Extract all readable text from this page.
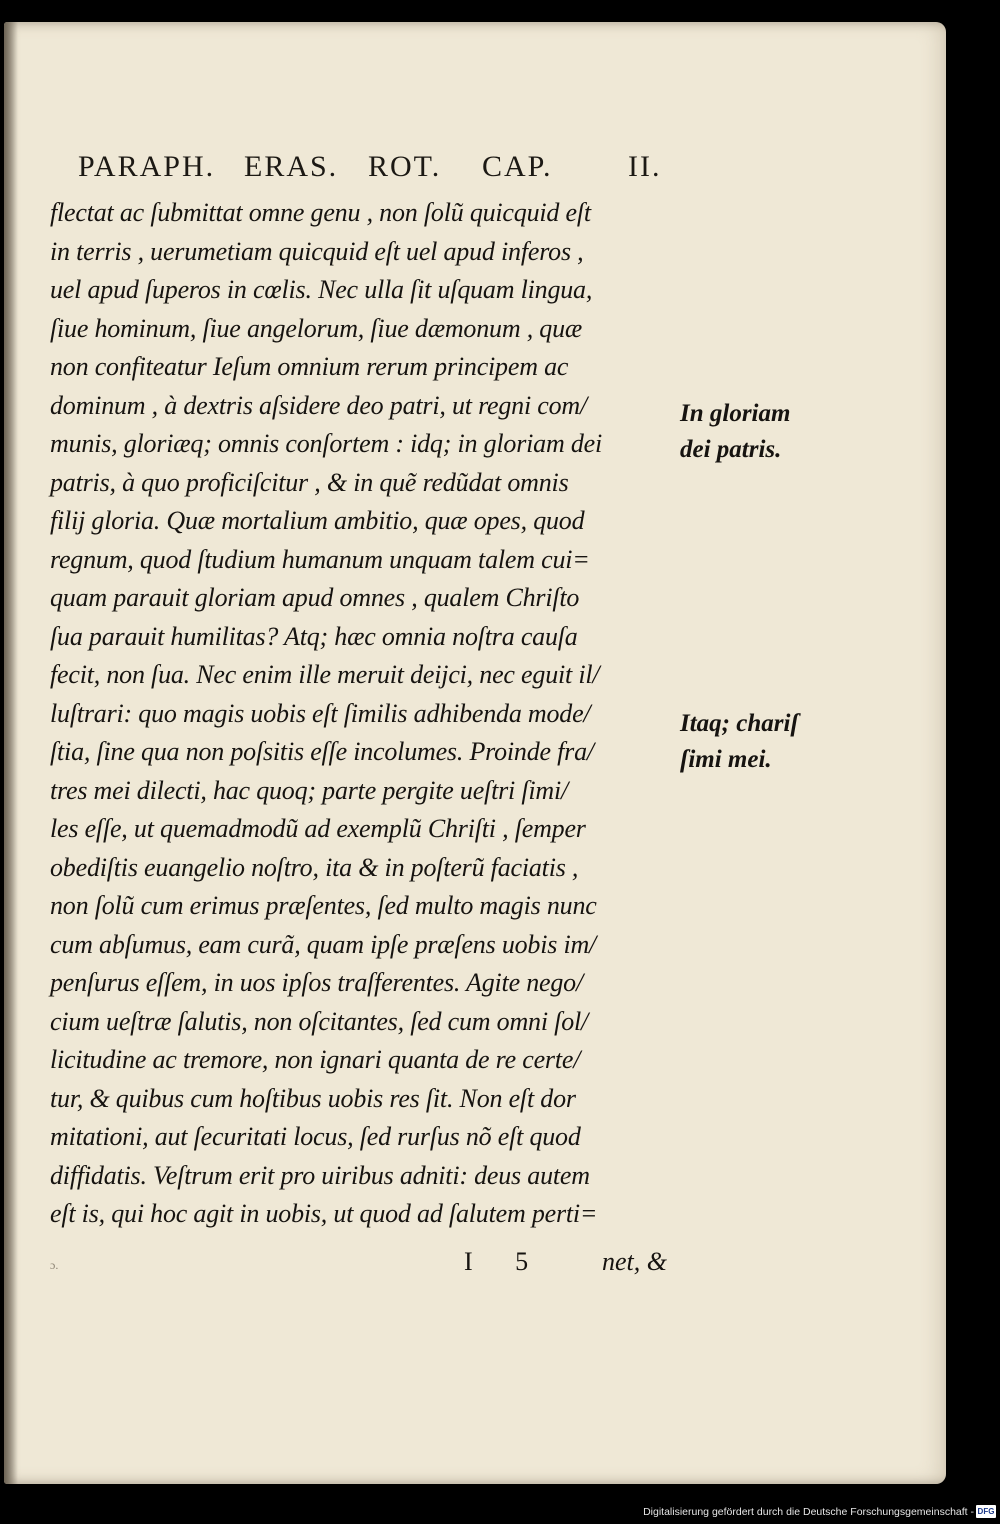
PARAPH. ERAS. ROT. CAP.	II.
flectat ac ſubmittat omne genu , non ſolũ quicquid eſt
in terris , uerumetiam quicquid eſt uel apud inferos ,
uel apud ſuperos in cœlis. Nec ulla ſit uſquam lingua,
ſiue hominum, ſiue angelorum, ſiue dæmonum , quæ
non confiteatur Ieſum omnium rerum principem ac
dominum , à dextris aſsidere deo patri, ut regni com/
munis, gloriæq; omnis conſortem : idq; in gloriam dei
patris, à quo proficiſcitur , & in quẽ redũdat omnis
filij gloria. Quæ mortalium ambitio, quæ opes, quod
regnum, quod ſtudium humanum unquam talem cui=
quam parauit gloriam apud omnes , qualem Chriſto
ſua parauit humilitas? Atq; hæc omnia noſtra cauſa
fecit, non ſua. Nec enim ille meruit deijci, nec eguit il/
luſtrari: quo magis uobis eſt ſimilis adhibenda mode/
ſtia, ſine qua non poſsitis eſſe incolumes. Proinde fra/
tres mei dilecti, hac quoq; parte pergite ueſtri ſimi/
les eſſe, ut quemadmodũ ad exemplũ Chriſti , ſemper
obediſtis euangelio noſtro, ita & in poſterũ faciatis ,
non ſolũ cum erimus præſentes, ſed multo magis nunc
cum abſumus, eam curã, quam ipſe præſens uobis im/
penſurus eſſem, in uos ipſos traſferentes. Agite nego/
cium ueſtræ ſalutis, non oſcitantes, ſed cum omni ſol/
licitudine ac tremore, non ignari quanta de re certe/
tur, & quibus cum hoſtibus uobis res ſit. Non eſt dor
mitationi, aut ſecuritati locus, ſed rurſus nõ eſt quod
diffidatis. Veſtrum erit pro uiribus adniti: deus autem
eſt is, qui hoc agit in uobis, ut quod ad ſalutem perti=
In gloriam
dei patris.
Itaq; chariſ
ſimi mei.
ɔ.	I 5 net, &
Digitalisierung gefördert durch die Deutsche Forschungsgemeinschaft - DFG
